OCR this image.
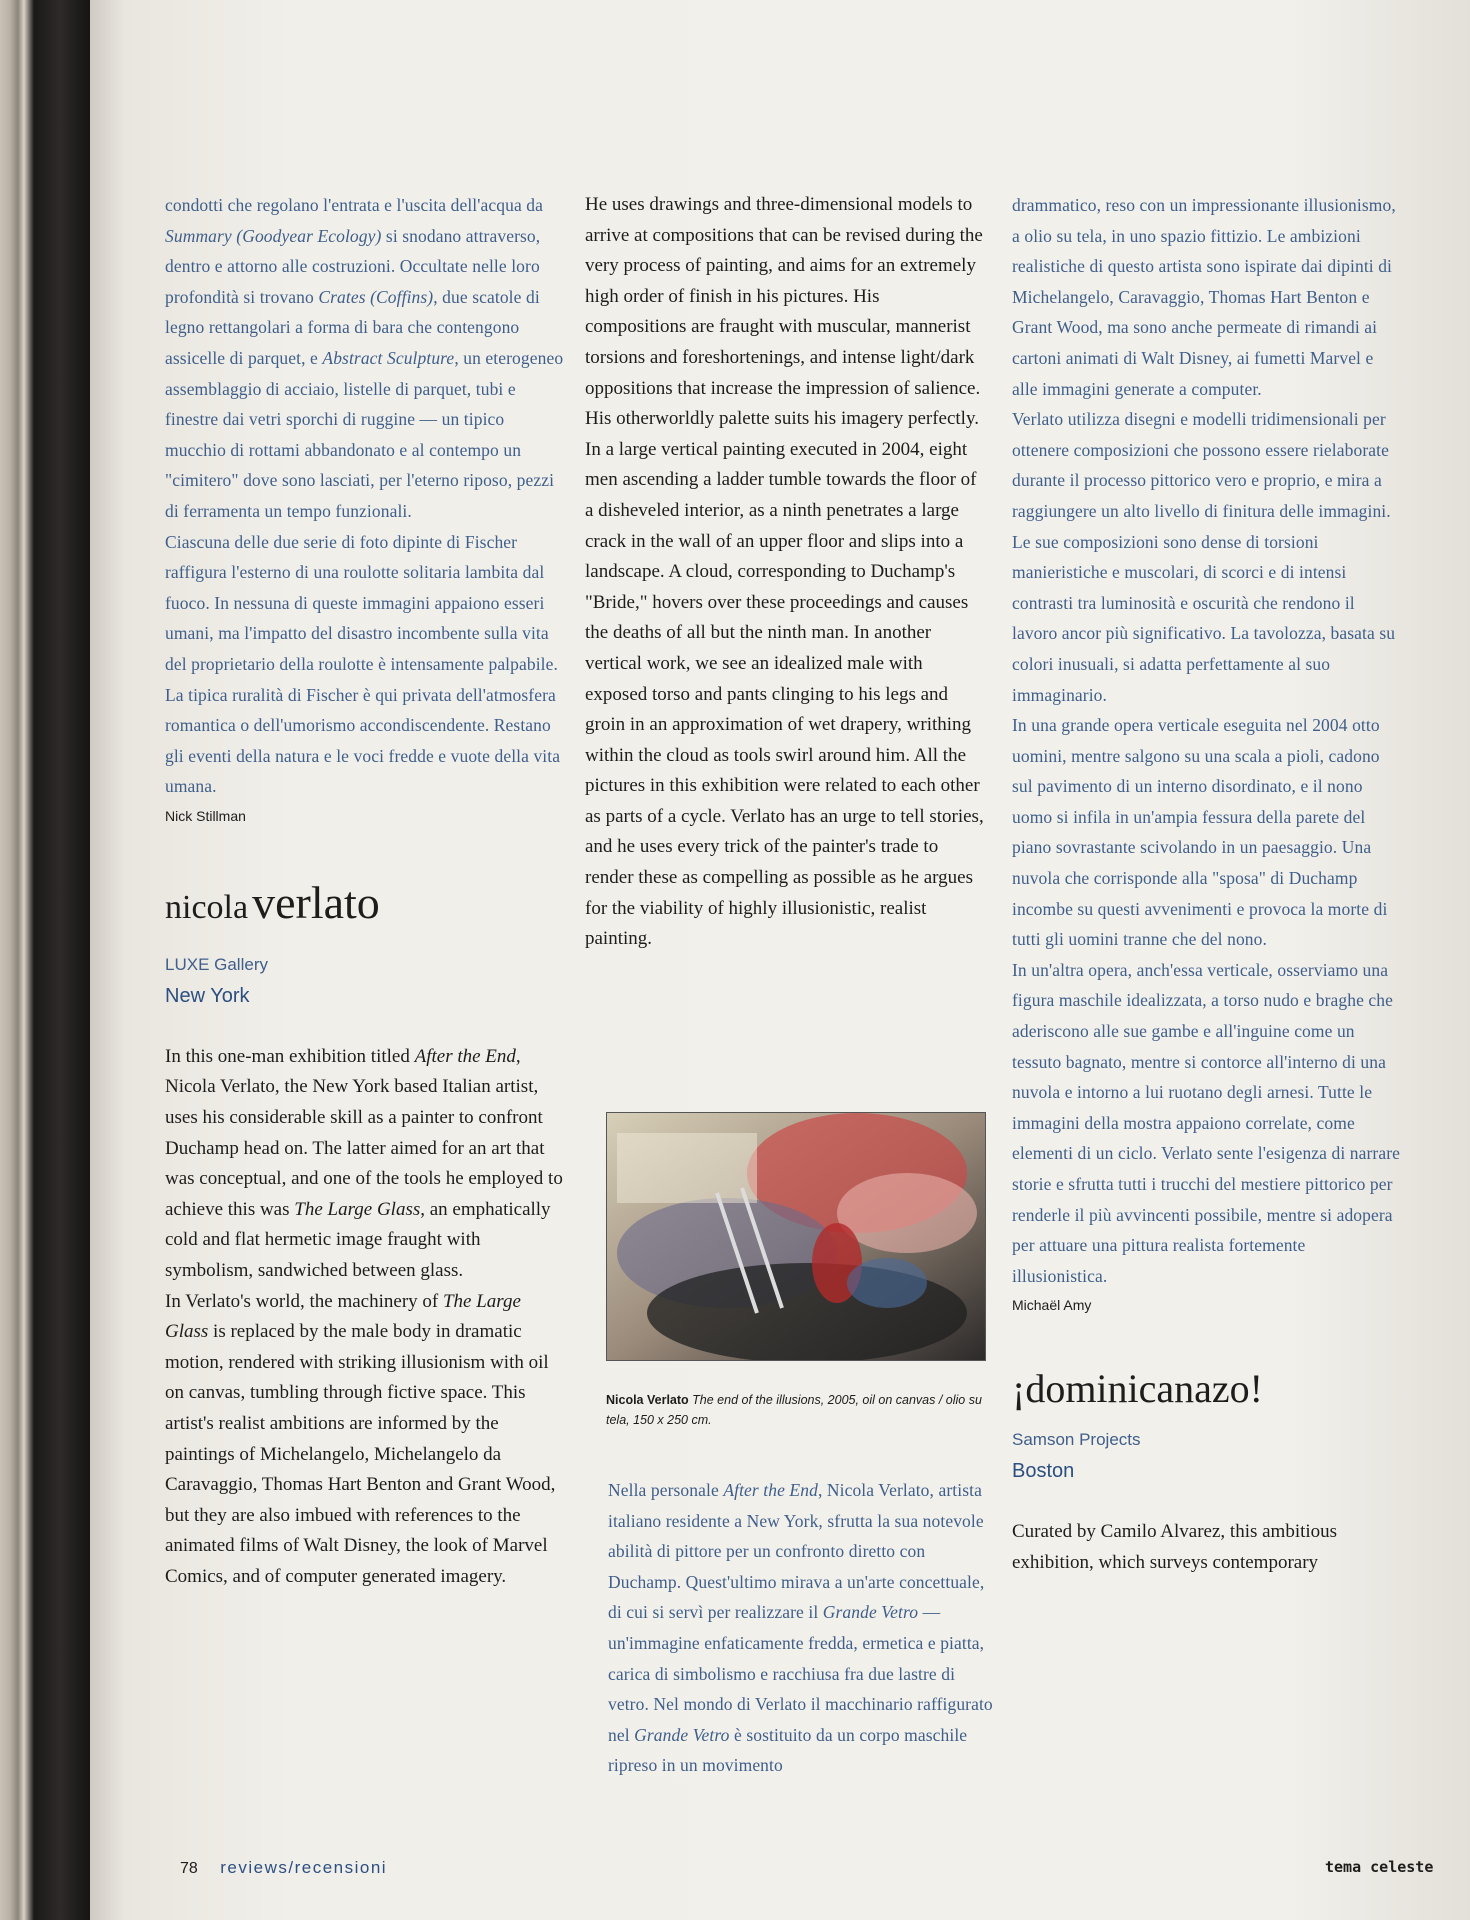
condotti che regolano l'entrata e l'uscita dell'acqua da Summary (Goodyear Ecology) si snodano attraverso, dentro e attorno alle costruzioni. Occultate nelle loro profondità si trovano Crates (Coffins), due scatole di legno rettangolari a forma di bara che contengono assicelle di parquet, e Abstract Sculpture, un eterogeneo assemblaggio di acciaio, listelle di parquet, tubi e finestre dai vetri sporchi di ruggine — un tipico mucchio di rottami abbandonato e al contempo un "cimitero" dove sono lasciati, per l'eterno riposo, pezzi di ferramenta un tempo funzionali.

Ciascuna delle due serie di foto dipinte di Fischer raffigura l'esterno di una roulotte solitaria lambita dal fuoco. In nessuna di queste immagini appaiono esseri umani, ma l'impatto del disastro incombente sulla vita del proprietario della roulotte è intensamente palpabile. La tipica ruralità di Fischer è qui privata dell'atmosfera romantica o dell'umorismo accondiscendente. Restano gli eventi della natura e le voci fredde e vuote della vita umana.

Nick Stillman
nicola verlato
LUXE Gallery
New York

In this one-man exhibition titled After the End, Nicola Verlato, the New York based Italian artist, uses his considerable skill as a painter to confront Duchamp head on. The latter aimed for an art that was conceptual, and one of the tools he employed to achieve this was The Large Glass, an emphatically cold and flat hermetic image fraught with symbolism, sandwiched between glass.

In Verlato's world, the machinery of The Large Glass is replaced by the male body in dramatic motion, rendered with striking illusionism with oil on canvas, tumbling through fictive space. This artist's realist ambitions are informed by the paintings of Michelangelo, Michelangelo da Caravaggio, Thomas Hart Benton and Grant Wood, but they are also imbued with references to the animated films of Walt Disney, the look of Marvel Comics, and of computer generated imagery.

He uses drawings and three-dimensional models to arrive at compositions that can be revised during the very process of painting, and aims for an extremely high order of finish in his pictures. His compositions are fraught with muscular, mannerist torsions and foreshortenings, and intense light/dark oppositions that increase the impression of salience. His otherworldly palette suits his imagery perfectly.

In a large vertical painting executed in 2004, eight men ascending a ladder tumble towards the floor of a disheveled interior, as a ninth penetrates a large crack in the wall of an upper floor and slips into a landscape. A cloud, corresponding to Duchamp's "Bride," hovers over these proceedings and causes the deaths of all but the ninth man. In another vertical work, we see an idealized male with exposed torso and pants clinging to his legs and groin in an approximation of wet drapery, writhing within the cloud as tools swirl around him. All the pictures in this exhibition were related to each other as parts of a cycle. Verlato has an urge to tell stories, and he uses every trick of the painter's trade to render these as compelling as possible as he argues for the viability of highly illusionistic, realist painting.

Nicola Verlato The end of the illusions, 2005, oil on canvas / olio su tela, 150 x 250 cm.

Nella personale After the End, Nicola Verlato, artista italiano residente a New York, sfrutta la sua notevole abilità di pittore per un confronto diretto con Duchamp. Quest'ultimo mirava a un'arte concettuale, di cui si servì per realizzare il Grande Vetro — un'immagine enfaticamente fredda, ermetica e piatta, carica di simbolismo e racchiusa fra due lastre di vetro. Nel mondo di Verlato il macchinario raffigurato nel Grande Vetro è sostituito da un corpo maschile ripreso in un movimento

drammatico, reso con un impressionante illusionismo, a olio su tela, in uno spazio fittizio. Le ambizioni realistiche di questo artista sono ispirate dai dipinti di Michelangelo, Caravaggio, Thomas Hart Benton e Grant Wood, ma sono anche permeate di rimandi ai cartoni animati di Walt Disney, ai fumetti Marvel e alle immagini generate a computer.

Verlato utilizza disegni e modelli tridimensionali per ottenere composizioni che possono essere rielaborate durante il processo pittorico vero e proprio, e mira a raggiungere un alto livello di finitura delle immagini. Le sue composizioni sono dense di torsioni manieristiche e muscolari, di scorci e di intensi contrasti tra luminosità e oscurità che rendono il lavoro ancor più significativo. La tavolozza, basata su colori inusuali, si adatta perfettamente al suo immaginario.

In una grande opera verticale eseguita nel 2004 otto uomini, mentre salgono su una scala a pioli, cadono sul pavimento di un interno disordinato, e il nono uomo si infila in un'ampia fessura della parete del piano sovrastante scivolando in un paesaggio. Una nuvola che corrisponde alla "sposa" di Duchamp incombe su questi avvenimenti e provoca la morte di tutti gli uomini tranne che del nono.

In un'altra opera, anch'essa verticale, osserviamo una figura maschile idealizzata, a torso nudo e braghe che aderiscono alle sue gambe e all'inguine come un tessuto bagnato, mentre si contorce all'interno di una nuvola e intorno a lui ruotano degli arnesi. Tutte le immagini della mostra appaiono correlate, come elementi di un ciclo. Verlato sente l'esigenza di narrare storie e sfrutta tutti i trucchi del mestiere pittorico per renderle il più avvincenti possibile, mentre si adopera per attuare una pittura realista fortemente illusionistica.

Michaël Amy
¡dominicanazo!
Samson Projects
Boston

Curated by Camilo Alvarez, this ambitious exhibition, which surveys contemporary

78 reviews/recensioni	tema celeste
